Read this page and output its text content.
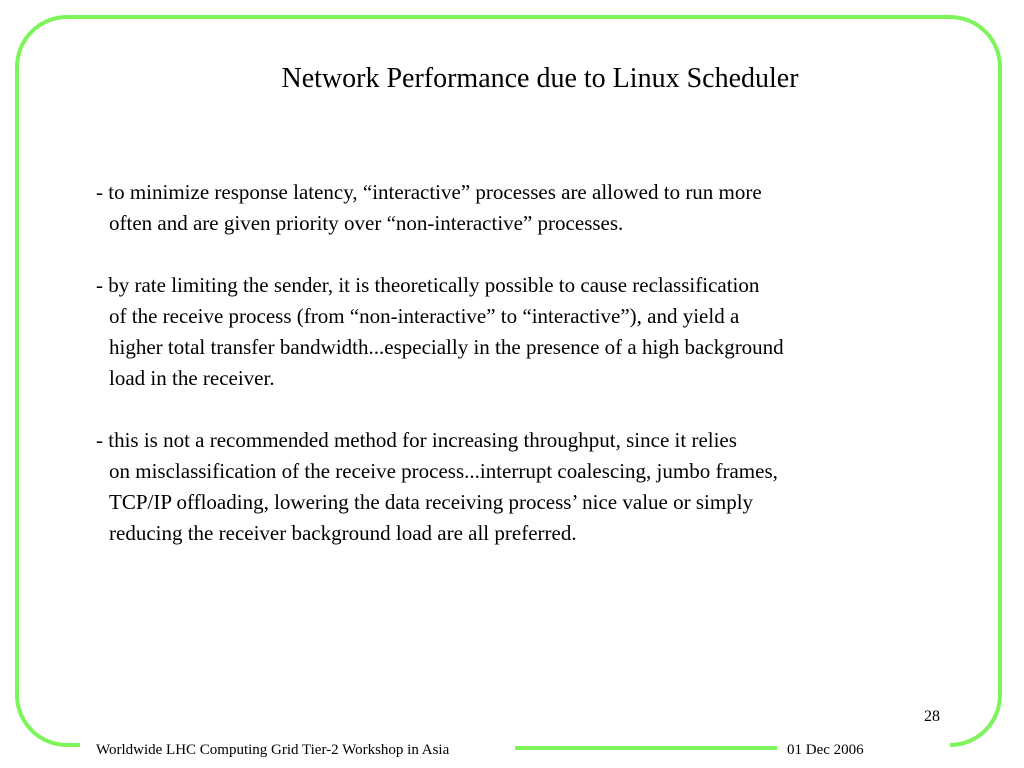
Network Performance due to Linux Scheduler
- to minimize response latency, “interactive” processes are allowed to run more
often and are given priority over “non-interactive” processes.
- by rate limiting the sender, it is theoretically possible to cause reclassification
of the receive process (from “non-interactive” to “interactive”), and yield a
higher total transfer bandwidth...especially in the presence of a high background
load in the receiver.
- this is not a recommended method for increasing throughput, since it relies
on misclassification of the receive process...interrupt coalescing, jumbo frames,
TCP/IP offloading, lowering the data receiving process’ nice value or simply
reducing the receiver background load are all preferred.
28
Worldwide LHC Computing Grid Tier-2 Workshop in Asia	01 Dec 2006
